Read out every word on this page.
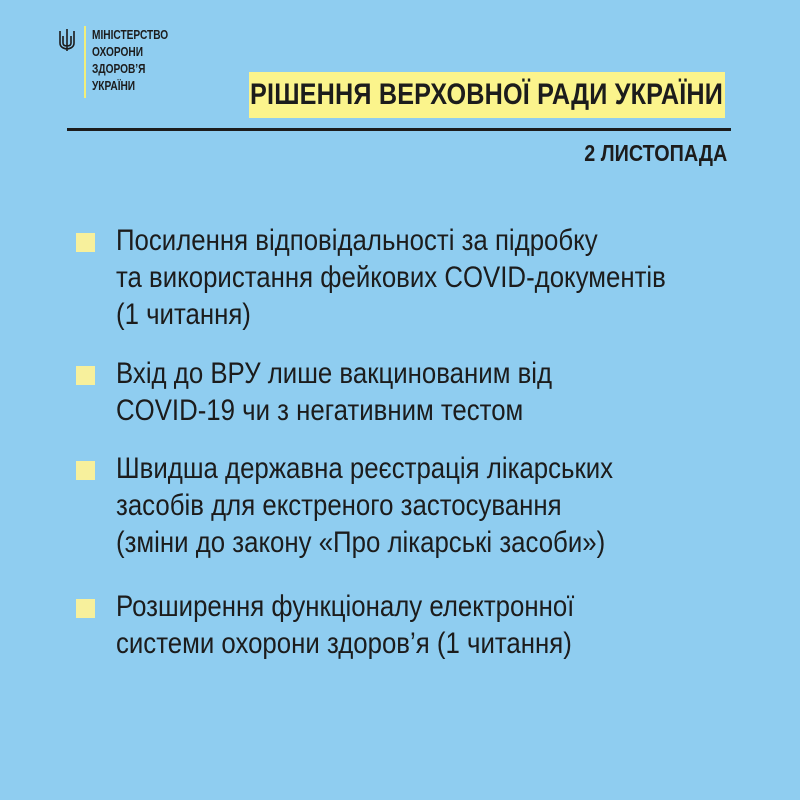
МІНІСТЕРСТВО
ОХОРОНИ
ЗДОРОВ’Я
УКРАЇНИ	РІШЕННЯ ВЕРХОВНОЇ РАДИ УКРАЇНИ
2 ЛИСТОПАДА
Посилення відповідальності за підробку
та використання фейкових COVID-документів
(1 читання)
Вхід до ВРУ лише вакцинованим від
COVID-19 чи з негативним тестом
Швидша державна реєстрація лікарських
засобів для екстреного застосування
(зміни до закону «Про лікарські засоби»)
Розширення функціоналу електронної
системи охорони здоров’я (1 читання)
